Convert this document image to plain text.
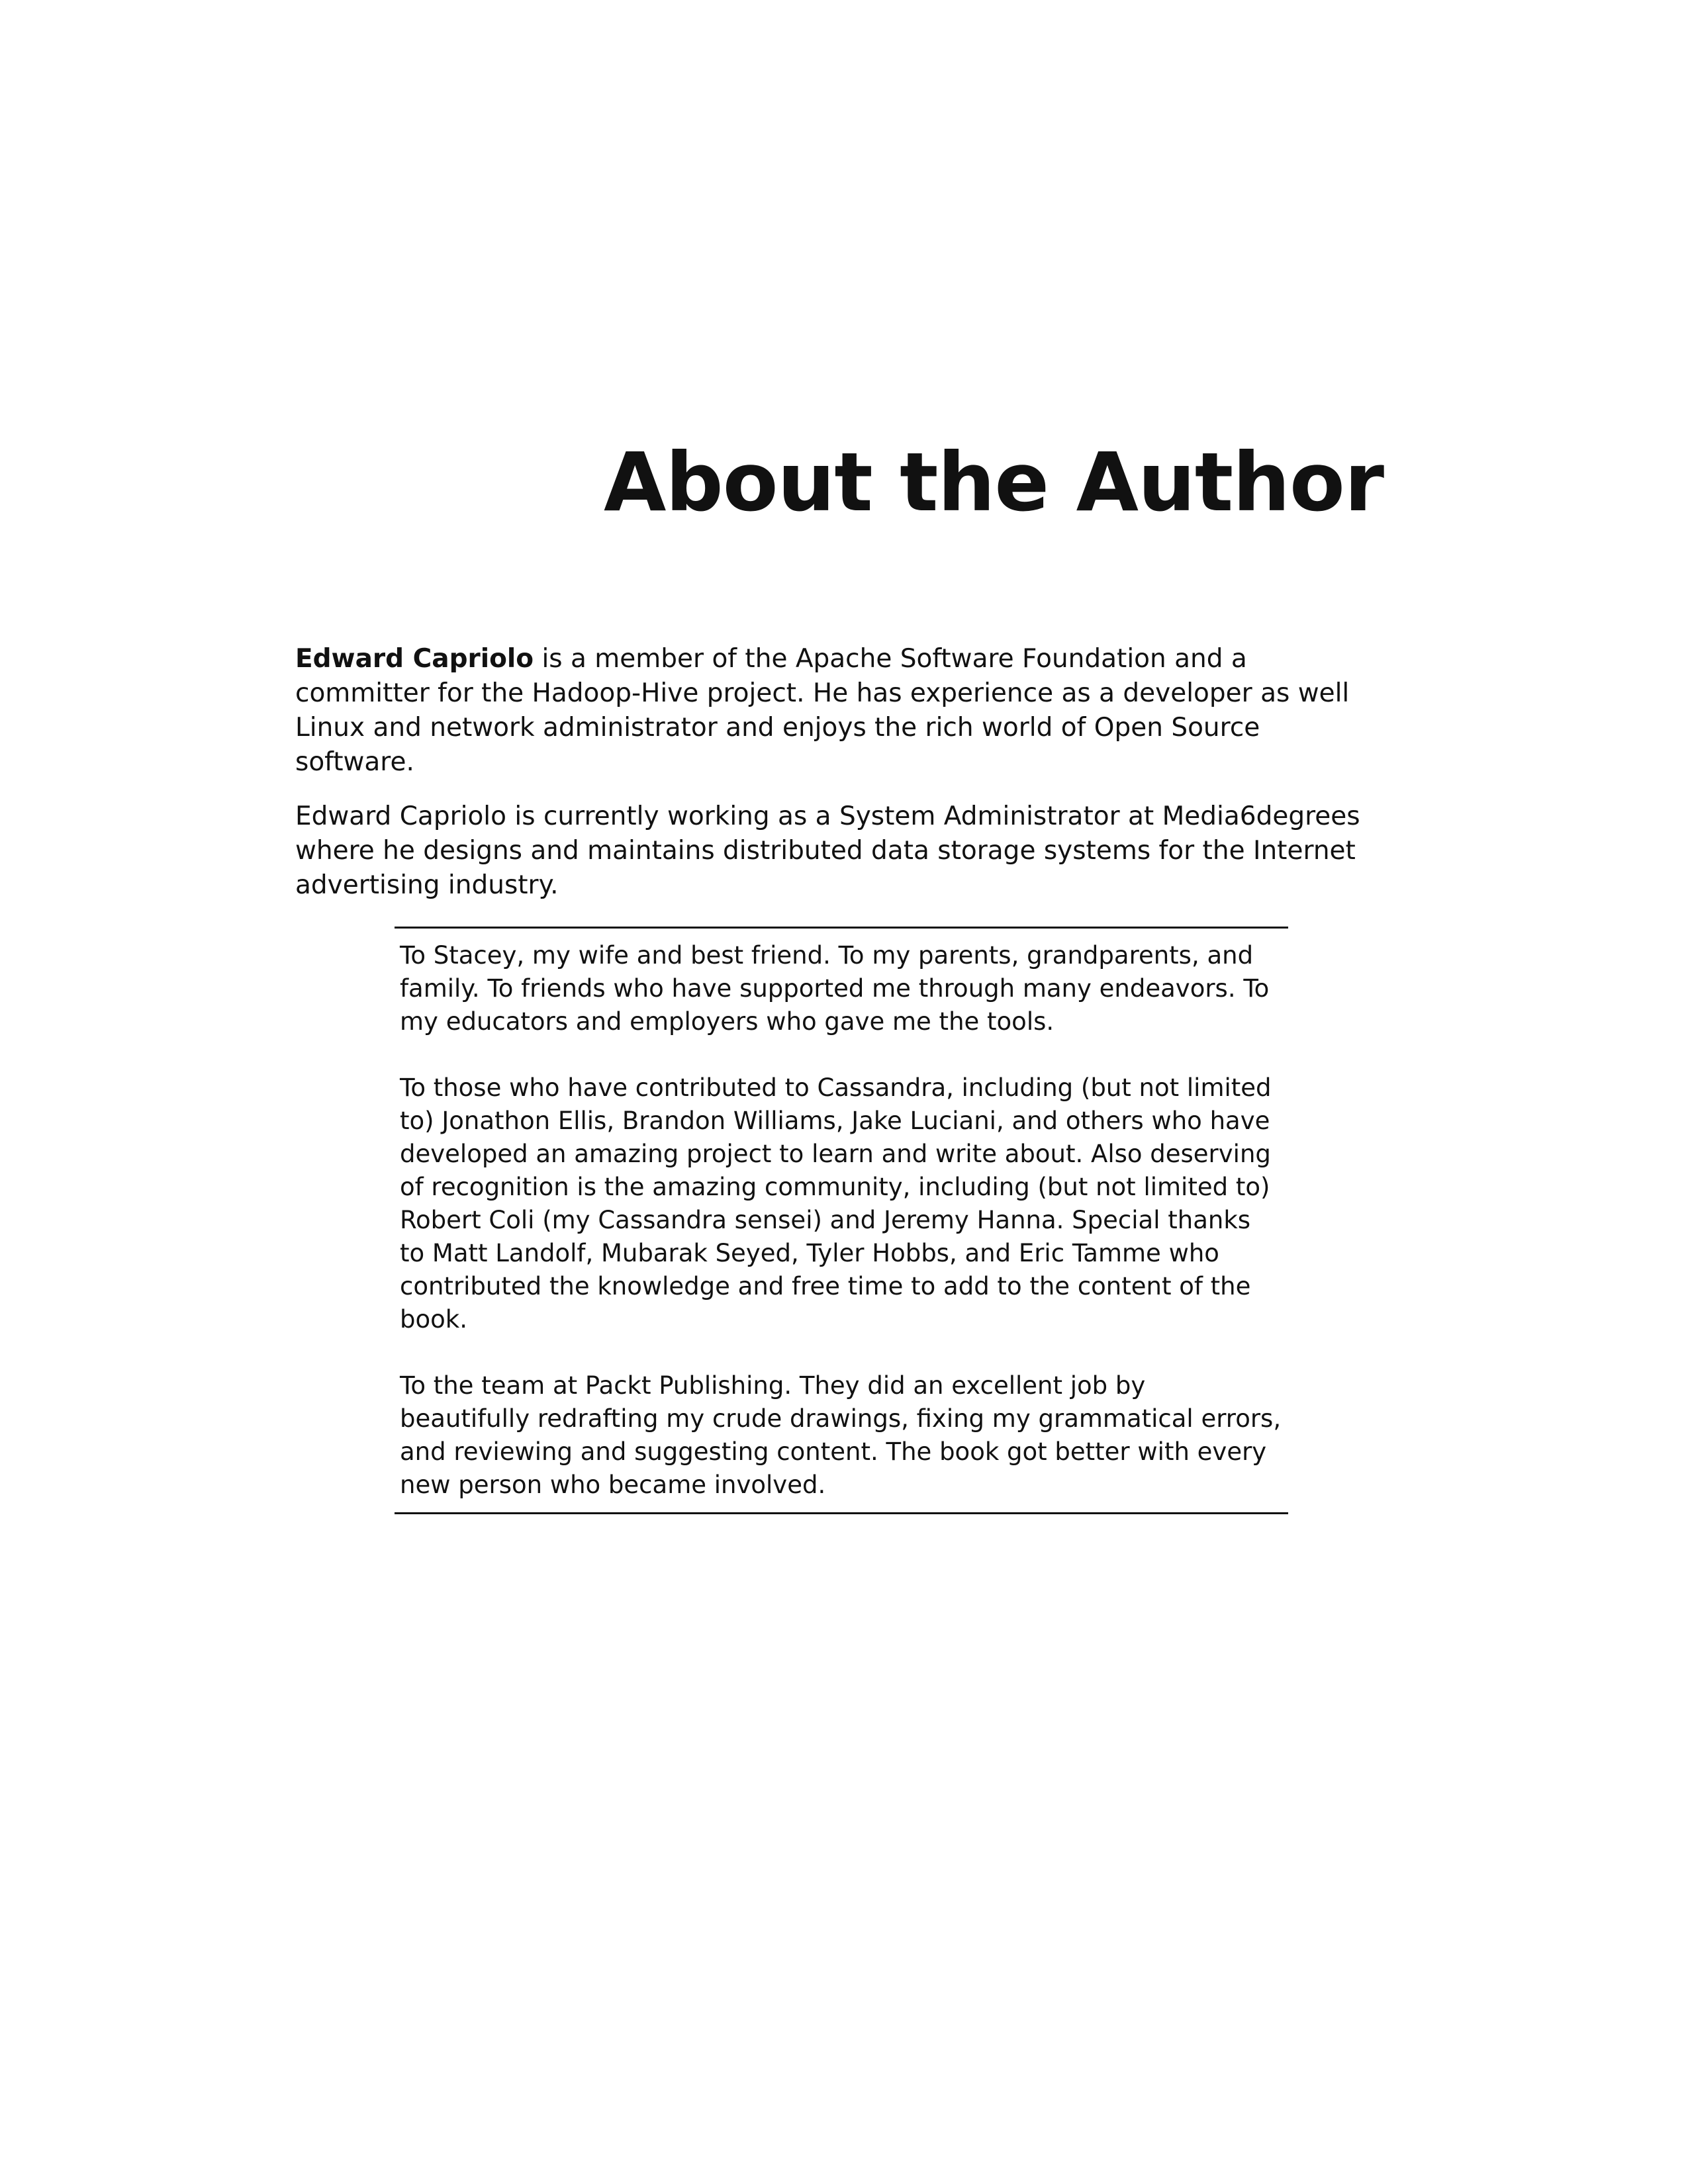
About the Author

Edward Capriolo is a member of the Apache Software Foundation and a committer for the Hadoop-Hive project. He has experience as a developer as well Linux and network administrator and enjoys the rich world of Open Source software.

Edward Capriolo is currently working as a System Administrator at Media6degrees where he designs and maintains distributed data storage systems for the Internet advertising industry.

To Stacey, my wife and best friend. To my parents, grandparents, and family. To friends who have supported me through many endeavors. To my educators and employers who gave me the tools.

To those who have contributed to Cassandra, including (but not limited to) Jonathon Ellis, Brandon Williams, Jake Luciani, and others who have developed an amazing project to learn and write about. Also deserving of recognition is the amazing community, including (but not limited to) Robert Coli (my Cassandra sensei) and Jeremy Hanna. Special thanks to Matt Landolf, Mubarak Seyed, Tyler Hobbs, and Eric Tamme who contributed the knowledge and free time to add to the content of the book.

To the team at Packt Publishing. They did an excellent job by beautifully redrafting my crude drawings, fixing my grammatical errors, and reviewing and suggesting content. The book got better with every new person who became involved.
